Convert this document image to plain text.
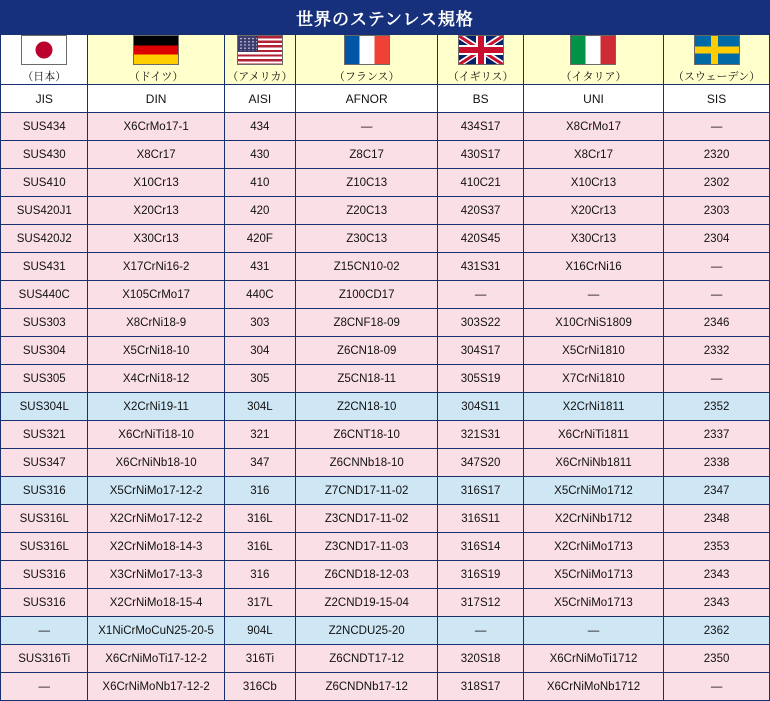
世界のステンレス規格
（日本）	（ドイツ）	（アメリカ）	（フランス）	（イギリス）	（イタリア）	（スウェーデン）

JIS	DIN	AISI	AFNOR	BS	UNI	SIS
SUS434	X6CrMo17-1	434	—	434S17	X8CrMo17	—
SUS430	X8Cr17	430	Z8C17	430S17	X8Cr17	2320
SUS410	X10Cr13	410	Z10C13	410C21	X10Cr13	2302
SUS420J1	X20Cr13	420	Z20C13	420S37	X20Cr13	2303
SUS420J2	X30Cr13	420F	Z30C13	420S45	X30Cr13	2304
SUS431	X17CrNi16-2	431	Z15CN10-02	431S31	X16CrNi16	—
SUS440C	X105CrMo17	440C	Z100CD17	—	—	—
SUS303	X8CrNi18-9	303	Z8CNF18-09	303S22	X10CrNiS1809	2346
SUS304	X5CrNi18-10	304	Z6CN18-09	304S17	X5CrNi1810	2332
SUS305	X4CrNi18-12	305	Z5CN18-11	305S19	X7CrNi1810	—
SUS304L	X2CrNi19-11	304L	Z2CN18-10	304S11	X2CrNi1811	2352
SUS321	X6CrNiTi18-10	321	Z6CNT18-10	321S31	X6CrNiTi1811	2337
SUS347	X6CrNiNb18-10	347	Z6CNNb18-10	347S20	X6CrNiNb1811	2338
SUS316	X5CrNiMo17-12-2	316	Z7CND17-11-02	316S17	X5CrNiMo1712	2347
SUS316L	X2CrNiMo17-12-2	316L	Z3CND17-11-02	316S11	X2CrNiNb1712	2348
SUS316L	X2CrNiMo18-14-3	316L	Z3CND17-11-03	316S14	X2CrNiMo1713	2353
SUS316	X3CrNiMo17-13-3	316	Z6CND18-12-03	316S19	X5CrNiMo1713	2343
SUS316	X2CrNiMo18-15-4	317L	Z2CND19-15-04	317S12	X5CrNiMo1713	2343
—	X1NiCrMoCuN25-20-5	904L	Z2NCDU25-20	—	—	2362
SUS316Ti	X6CrNiMoTi17-12-2	316Ti	Z6CNDT17-12	320S18	X6CrNiMoTi1712	2350
—	X6CrNiMoNb17-12-2	316Cb	Z6CNDNb17-12	318S17	X6CrNiMoNb1712	—
